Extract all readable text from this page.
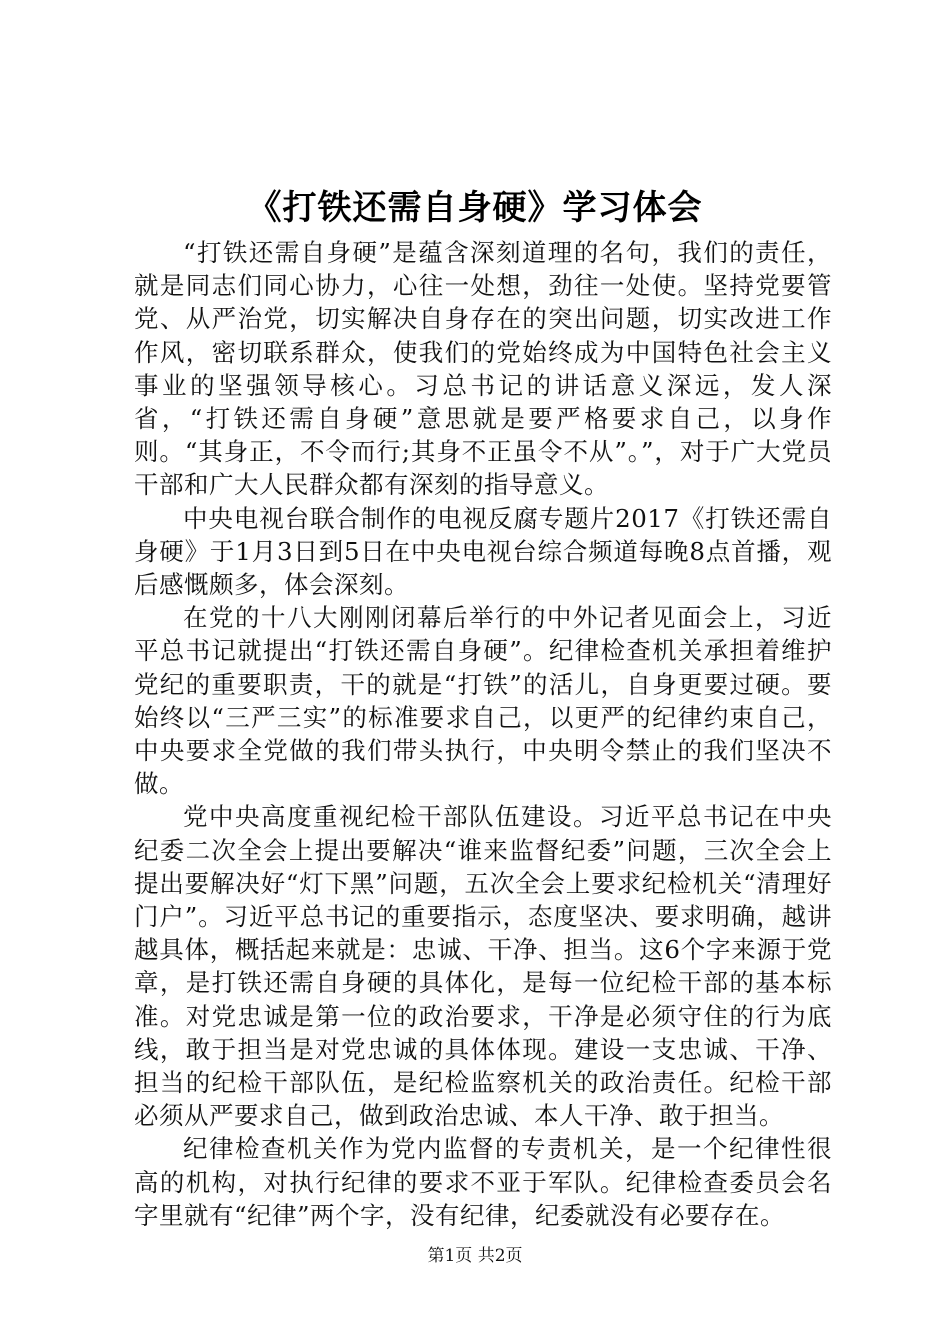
《打铁还需自身硬》学习体会

“打铁还需自身硬”是蕴含深刻道理的名句，我们的责任，就是同志们同心协力，心往一处想，劲往一处使。坚持党要管党、从严治党，切实解决自身存在的突出问题，切实改进工作作风，密切联系群众，使我们的党始终成为中国特色社会主义事业的坚强领导核心。习总书记的讲话意义深远，发人深省，“打铁还需自身硬”意思就是要严格要求自己，以身作则。“其身正，不令而行;其身不正虽令不从”。”，对于广大党员干部和广大人民群众都有深刻的指导意义。

中央电视台联合制作的电视反腐专题片2017《打铁还需自身硬》于1月3日到5日在中央电视台综合频道每晚8点首播，观后感慨颇多，体会深刻。

在党的十八大刚刚闭幕后举行的中外记者见面会上，习近平总书记就提出“打铁还需自身硬”。纪律检查机关承担着维护党纪的重要职责，干的就是“打铁”的活儿，自身更要过硬。要始终以“三严三实”的标准要求自己，以更严的纪律约束自己，中央要求全党做的我们带头执行，中央明令禁止的我们坚决不做。

党中央高度重视纪检干部队伍建设。习近平总书记在中央纪委二次全会上提出要解决“谁来监督纪委”问题，三次全会上提出要解决好“灯下黑”问题，五次全会上要求纪检机关“清理好门户”。习近平总书记的重要指示，态度坚决、要求明确，越讲越具体，概括起来就是：忠诚、干净、担当。这6个字来源于党章，是打铁还需自身硬的具体化，是每一位纪检干部的基本标准。对党忠诚是第一位的政治要求，干净是必须守住的行为底线，敢于担当是对党忠诚的具体体现。建设一支忠诚、干净、担当的纪检干部队伍，是纪检监察机关的政治责任。纪检干部必须从严要求自己，做到政治忠诚、本人干净、敢于担当。

纪律检查机关作为党内监督的专责机关，是一个纪律性很高的机构，对执行纪律的要求不亚于军队。纪律检查委员会名字里就有“纪律”两个字，没有纪律，纪委就没有必要存在。

第1页 共2页
